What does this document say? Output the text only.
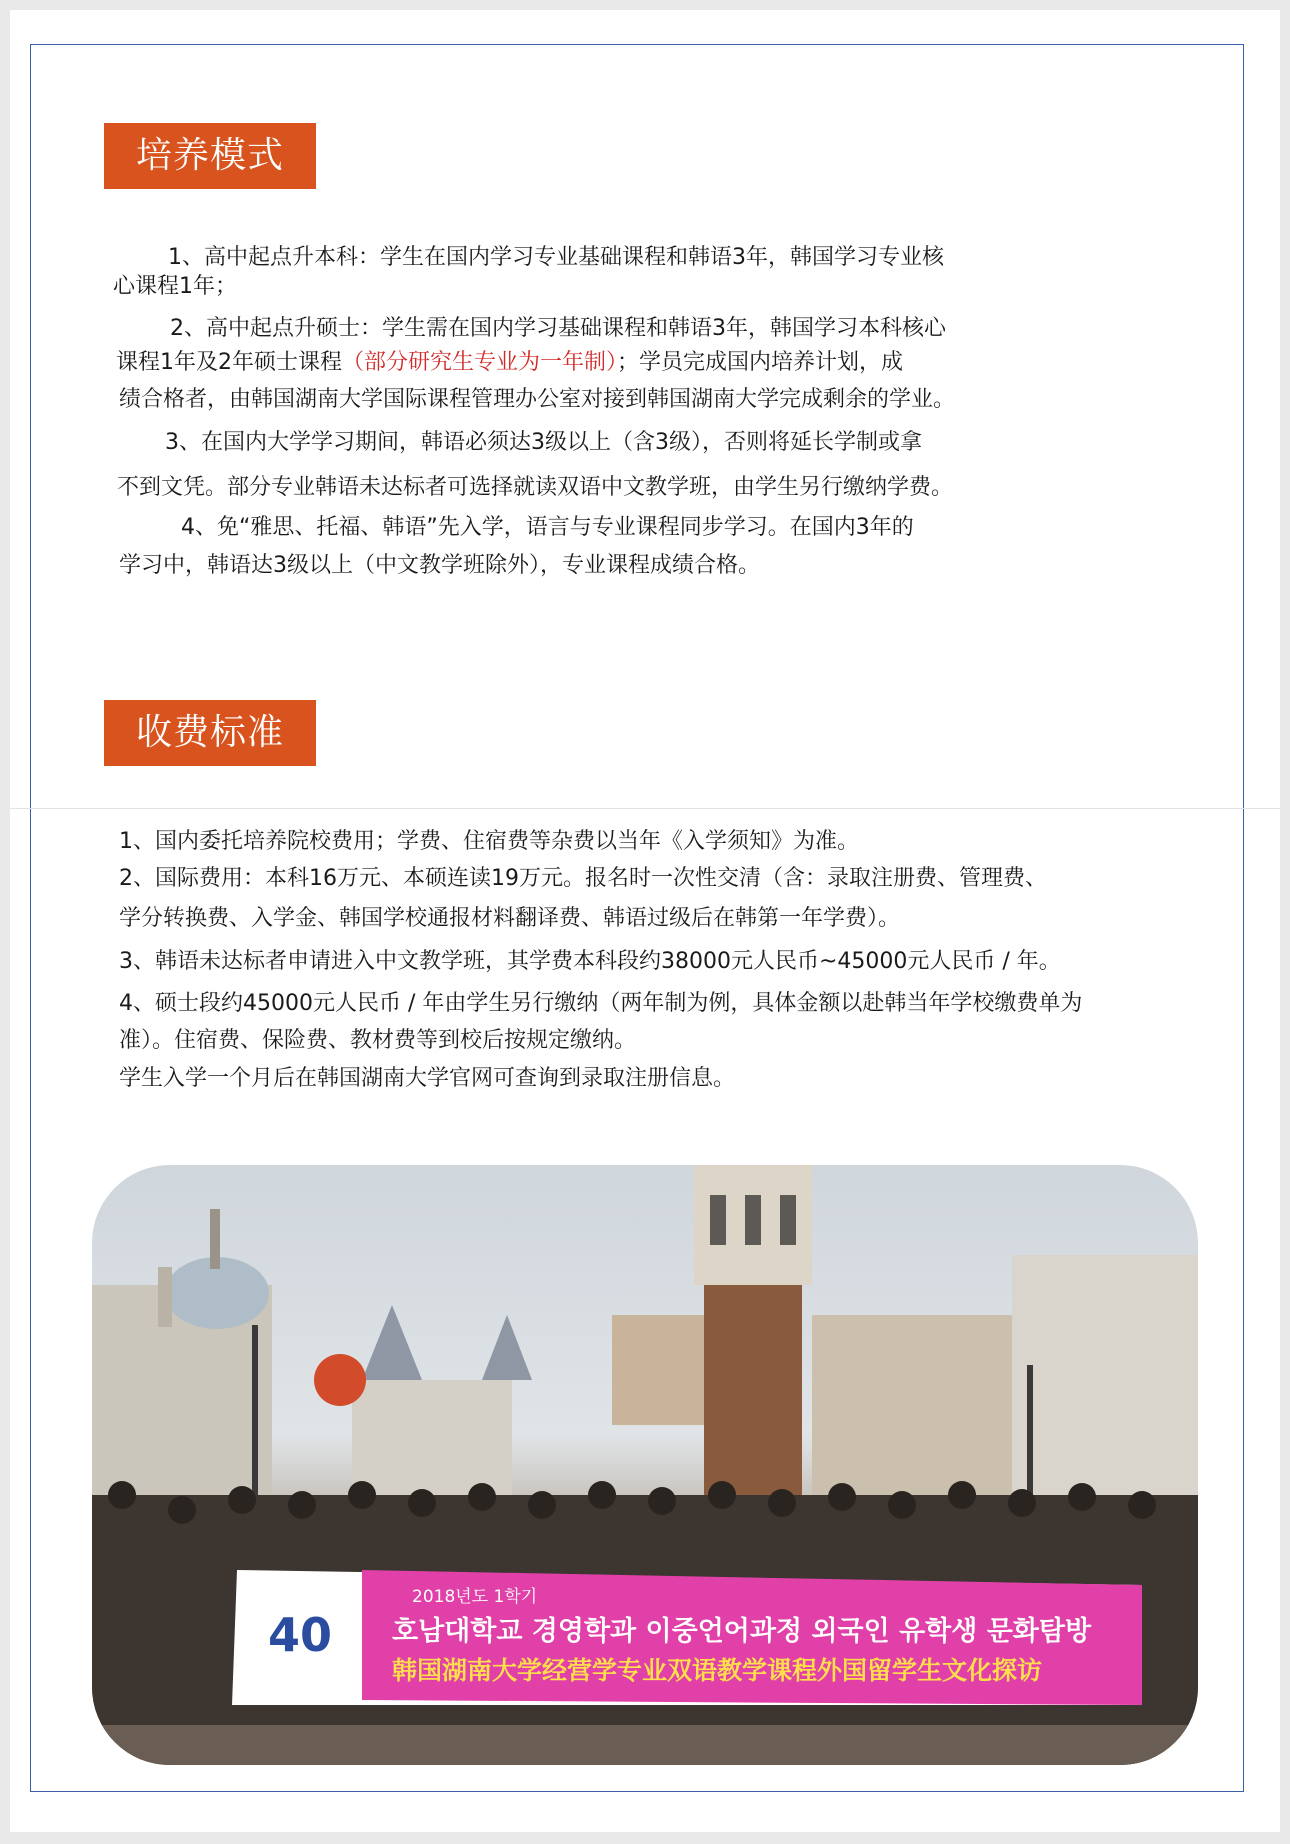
培养模式

1、高中起点升本科：学生在国内学习专业基础课程和韩语3年，韩国学习专业核

心课程1年；

2、高中起点升硕士：学生需在国内学习基础课程和韩语3年，韩国学习本科核心

课程1年及2年硕士课程（部分研究生专业为一年制）；学员完成国内培养计划，成

绩合格者，由韩国湖南大学国际课程管理办公室对接到韩国湖南大学完成剩余的学业。

3、在国内大学学习期间，韩语必须达3级以上（含3级），否则将延长学制或拿

不到文凭。部分专业韩语未达标者可选择就读双语中文教学班，由学生另行缴纳学费。

4、免“雅思、托福、韩语”先入学，语言与专业课程同步学习。在国内3年的

学习中，韩语达3级以上（中文教学班除外），专业课程成绩合格。

收费标准

1、国内委托培养院校费用；学费、住宿费等杂费以当年《入学须知》为准。

2、国际费用：本科16万元、本硕连读19万元。报名时一次性交清（含：录取注册费、管理费、

学分转换费、入学金、韩国学校通报材料翻译费、韩语过级后在韩第一年学费）。

3、韩语未达标者申请进入中文教学班，其学费本科段约38000元人民币~45000元人民币 / 年。

4、硕士段约45000元人民币 / 年由学生另行缴纳（两年制为例，具体金额以赴韩当年学校缴费单为

准）。住宿费、保险费、教材费等到校后按规定缴纳。

学生入学一个月后在韩国湖南大学官网可查询到录取注册信息。

40
2018년도 1학기
호남대학교 경영학과 이중언어과정 외국인 유학생 문화탐방
韩国湖南大学经营学专业双语教学课程外国留学生文化探访
